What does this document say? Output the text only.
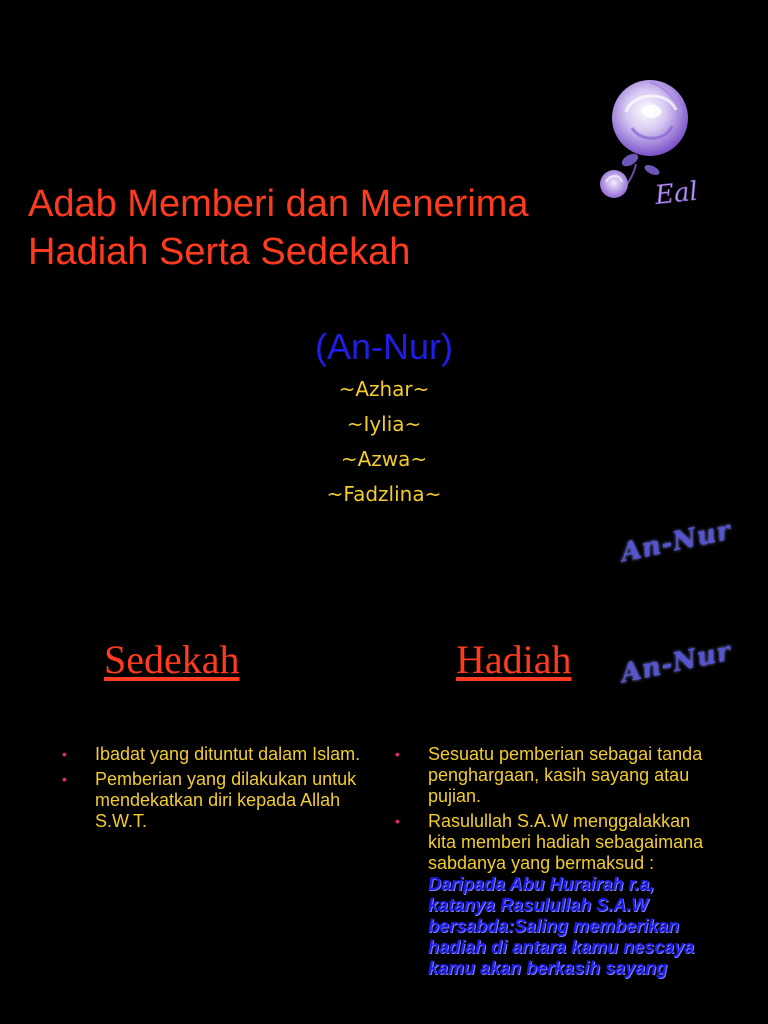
Eal
Adab Memberi dan Menerima
Hadiah Serta Sedekah
(An-Nur)
~Azhar~
~Iylia~
~Azwa~
~Fadzlina~
An-Nur
Sedekah	Hadiah An-Nur
• Ibadat yang dituntut dalam Islam.
• Pemberian yang dilakukan untuk mendekatkan diri kepada Allah S.W.T.
• Sesuatu pemberian sebagai tanda penghargaan, kasih sayang atau pujian.
• Rasulullah S.A.W menggalakkan kita memberi hadiah sebagaimana sabdanya yang bermaksud :
Daripada Abu Hurairah r.a, katanya Rasulullah S.A.W bersabda:Saling memberikan hadiah di antara kamu nescaya kamu akan berkasih sayang
